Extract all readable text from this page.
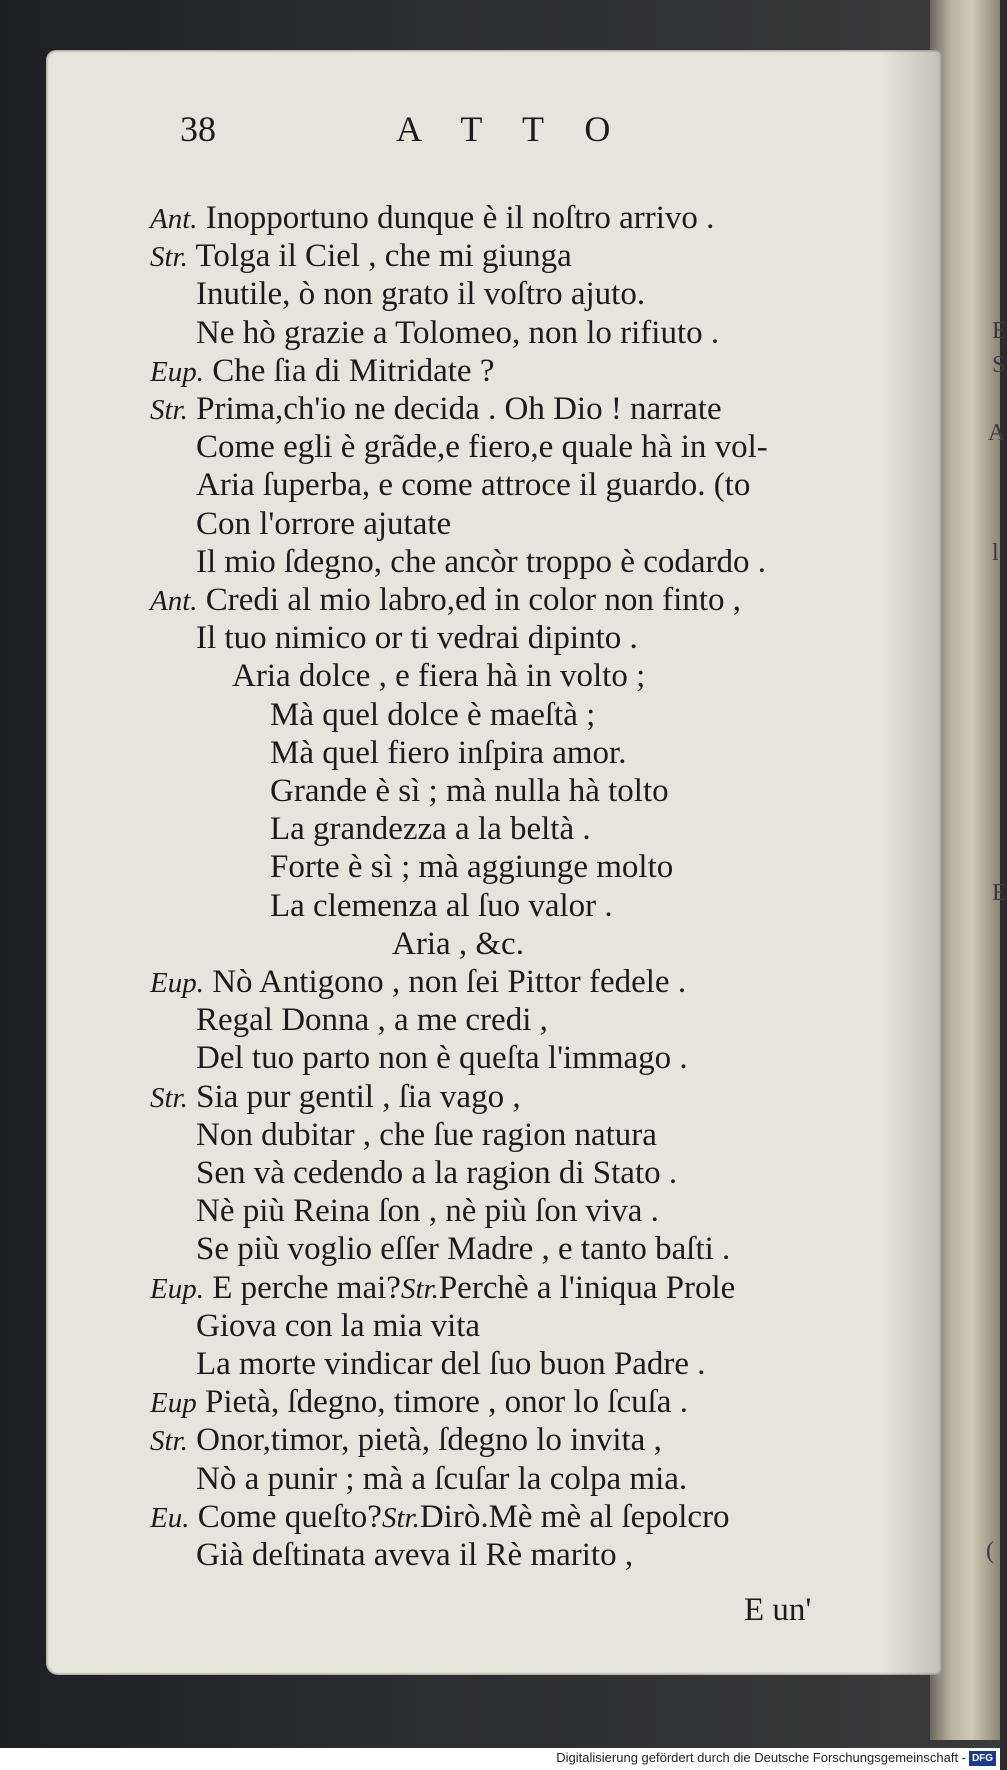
E
S
A
l
E
(
38	A T T O
Ant. Inopportuno dunque è il noſtro arrivo .
Str. Tolga il Ciel , che mi giunga
Inutile, ò non grato il voſtro ajuto.
Ne hò grazie a Tolomeo, non lo rifiuto .
Eup. Che ſia di Mitridate ?
Str. Prima,ch'io ne decida . Oh Dio ! narrate
Come egli è grãde,e fiero,e quale hà in vol-
Aria ſuperba, e come attroce il guardo. (to
Con l'orrore ajutate
Il mio ſdegno, che ancòr troppo è codardo .
Ant. Credi al mio labro,ed in color non finto ,
Il tuo nimico or ti vedrai dipinto .
Aria dolce , e fiera hà in volto ;
Mà quel dolce è maeſtà ;
Mà quel fiero inſpira amor.
Grande è sì ; mà nulla hà tolto
La grandezza a la beltà .
Forte è sì ; mà aggiunge molto
La clemenza al ſuo valor .
Aria , &c.
Eup. Nò Antigono , non ſei Pittor fedele .
Regal Donna , a me credi ,
Del tuo parto non è queſta l'immago .
Str. Sia pur gentil , ſia vago ,
Non dubitar , che ſue ragion natura
Sen và cedendo a la ragion di Stato .
Nè più Reina ſon , nè più ſon viva .
Se più voglio eſſer Madre , e tanto baſti .
Eup. E perche mai?Str.Perchè a l'iniqua Prole
Giova con la mia vita
La morte vindicar del ſuo buon Padre .
Eup Pietà, ſdegno, timore , onor lo ſcuſa .
Str. Onor,timor, pietà, ſdegno lo invita ,
Nò a punir ; mà a ſcuſar la colpa mia.
Eu. Come queſto?Str.Dirò.Mè mè al ſepolcro
Già deſtinata aveva il Rè marito ,
E un'
Digitalisierung gefördert durch die Deutsche Forschungsgemeinschaft - DFG
